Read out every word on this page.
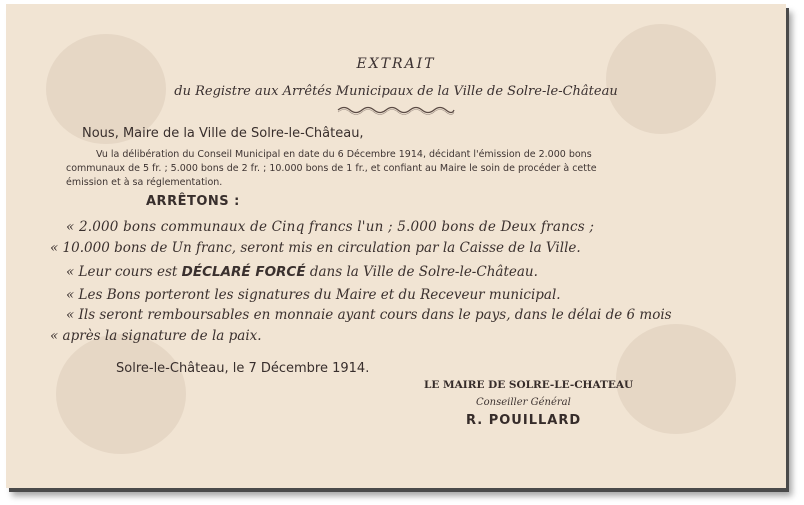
EXTRAIT
du Registre aux Arrêtés Municipaux de la Ville de Solre-le-Château
Nous, Maire de la Ville de Solre-le-Château,
Vu la délibération du Conseil Municipal en date du 6 Décembre 1914, décidant l'émission de 2.000 bons
communaux de 5 fr. ; 5.000 bons de 2 fr. ; 10.000 bons de 1 fr., et confiant au Maire le soin de procéder à cette
émission et à sa réglementation.
ARRÊTONS :
« 2.000 bons communaux de Cinq francs l'un ; 5.000 bons de Deux francs ;
« 10.000 bons de Un franc, seront mis en circulation par la Caisse de la Ville.
« Leur cours est DÉCLARÉ FORCÉ dans la Ville de Solre-le-Château.
« Les Bons porteront les signatures du Maire et du Receveur municipal.
« Ils seront remboursables en monnaie ayant cours dans le pays, dans le délai de 6 mois
« après la signature de la paix.
Solre-le-Château, le 7 Décembre 1914.
LE MAIRE DE SOLRE-LE-CHATEAU
Conseiller Général
R. POUILLARD
